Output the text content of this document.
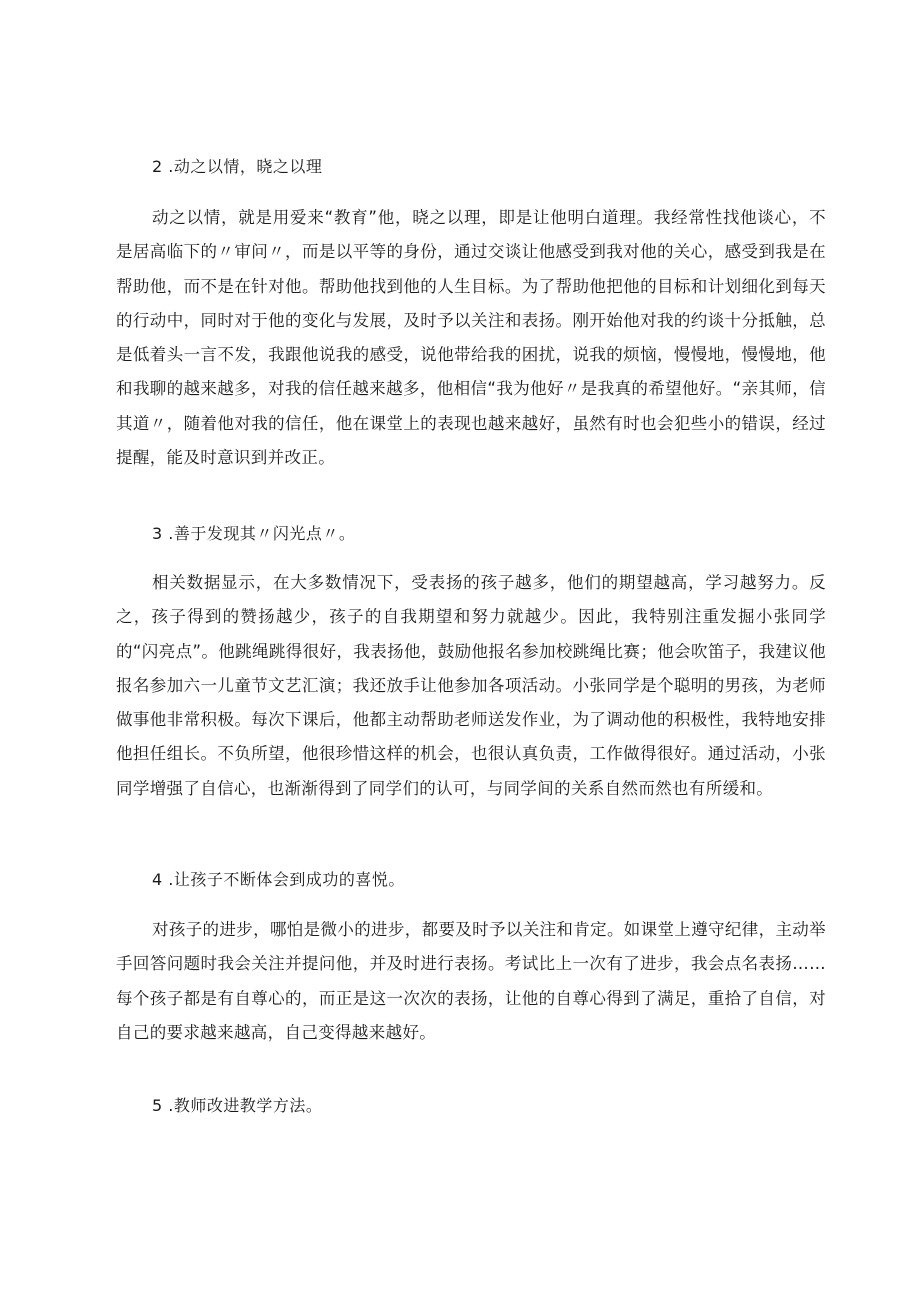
2 .动之以情，晓之以理
动之以情，就是用爱来“教育”他，晓之以理，即是让他明白道理。我经常性找他谈心，不是居高临下的〃审问〃，而是以平等的身份，通过交谈让他感受到我对他的关心，感受到我是在帮助他，而不是在针对他。帮助他找到他的人生目标。为了帮助他把他的目标和计划细化到每天的行动中，同时对于他的变化与发展，及时予以关注和表扬。刚开始他对我的约谈十分抵触，总是低着头一言不发，我跟他说我的感受，说他带给我的困扰，说我的烦恼，慢慢地，慢慢地，他和我聊的越来越多，对我的信任越来越多，他相信“我为他好〃是我真的希望他好。“亲其师，信其道〃，随着他对我的信任，他在课堂上的表现也越来越好，虽然有时也会犯些小的错误，经过提醒，能及时意识到并改正。
3 .善于发现其〃闪光点〃。
相关数据显示，在大多数情况下，受表扬的孩子越多，他们的期望越高，学习越努力。反之，孩子得到的赞扬越少，孩子的自我期望和努力就越少。因此，我特别注重发掘小张同学的“闪亮点”。他跳绳跳得很好，我表扬他，鼓励他报名参加校跳绳比赛；他会吹笛子，我建议他报名参加六一儿童节文艺汇演；我还放手让他参加各项活动。小张同学是个聪明的男孩，为老师做事他非常积极。每次下课后，他都主动帮助老师送发作业，为了调动他的积极性，我特地安排他担任组长。不负所望，他很珍惜这样的机会，也很认真负责，工作做得很好。通过活动，小张同学增强了自信心，也渐渐得到了同学们的认可，与同学间的关系自然而然也有所缓和。
4 .让孩子不断体会到成功的喜悦。
对孩子的进步，哪怕是微小的进步，都要及时予以关注和肯定。如课堂上遵守纪律，主动举手回答问题时我会关注并提问他，并及时进行表扬。考试比上一次有了进步，我会点名表扬……每个孩子都是有自尊心的，而正是这一次次的表扬，让他的自尊心得到了满足，重拾了自信，对自己的要求越来越高，自己变得越来越好。
5 .教师改进教学方法。
